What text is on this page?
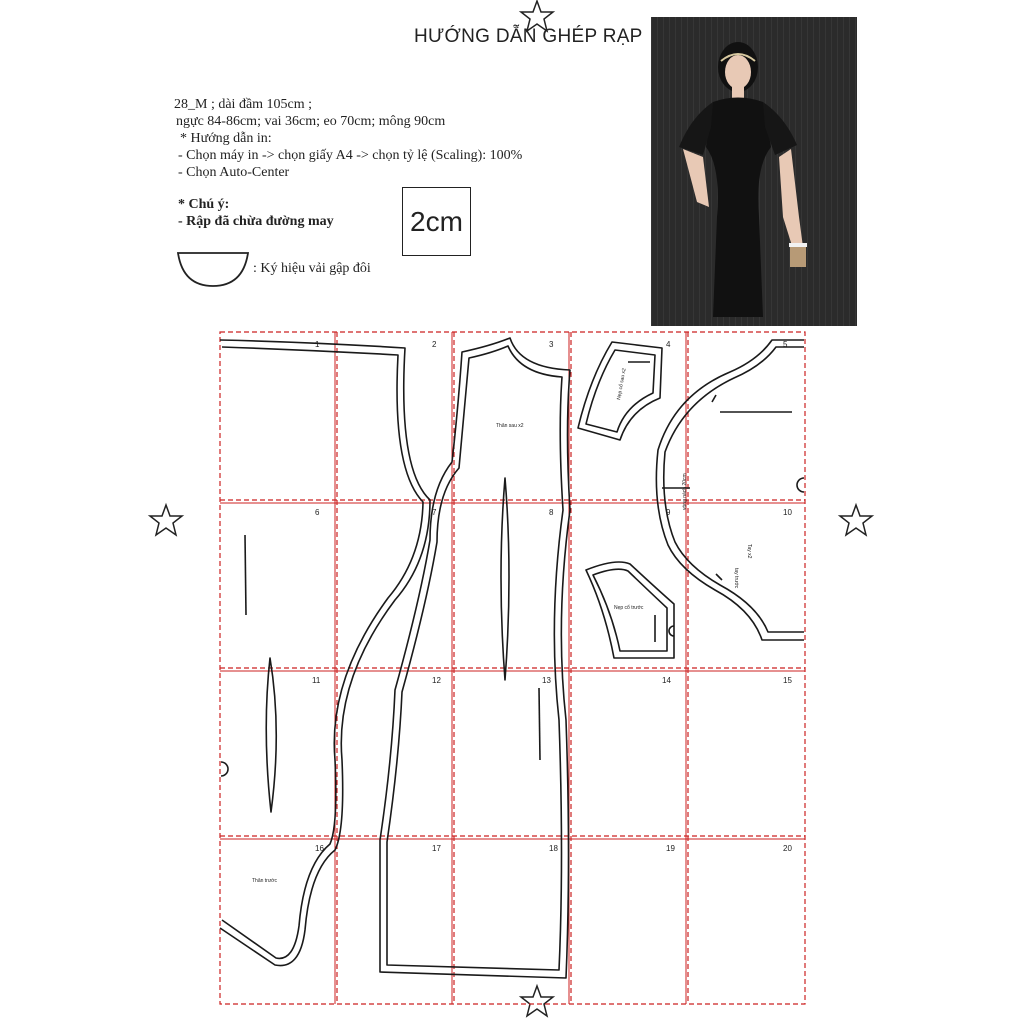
HƯỚNG DẪN GHÉP RẠP
28_M ; dài đầm 105cm ;
ngực 84-86cm; vai 36cm; eo 70cm; mông 90cm
* Hướng dẫn in:
- Chọn máy in -> chọn giấy A4 -> chọn tỷ lệ (Scaling): 100%
- Chọn Auto-Center
* Chú ý:
- Rập đã chừa đường may	2cm
: Ký hiệu vải gập đôi
1	2	3	4	5
6	7	8	9	10
11	12	13	14	15
16	17	18	19	20
Thân trước
Thân sau x2
Nẹp cổ sau x2
Nẹp cổ trước
Tay x2
tay trước
vòng nách 20cm
